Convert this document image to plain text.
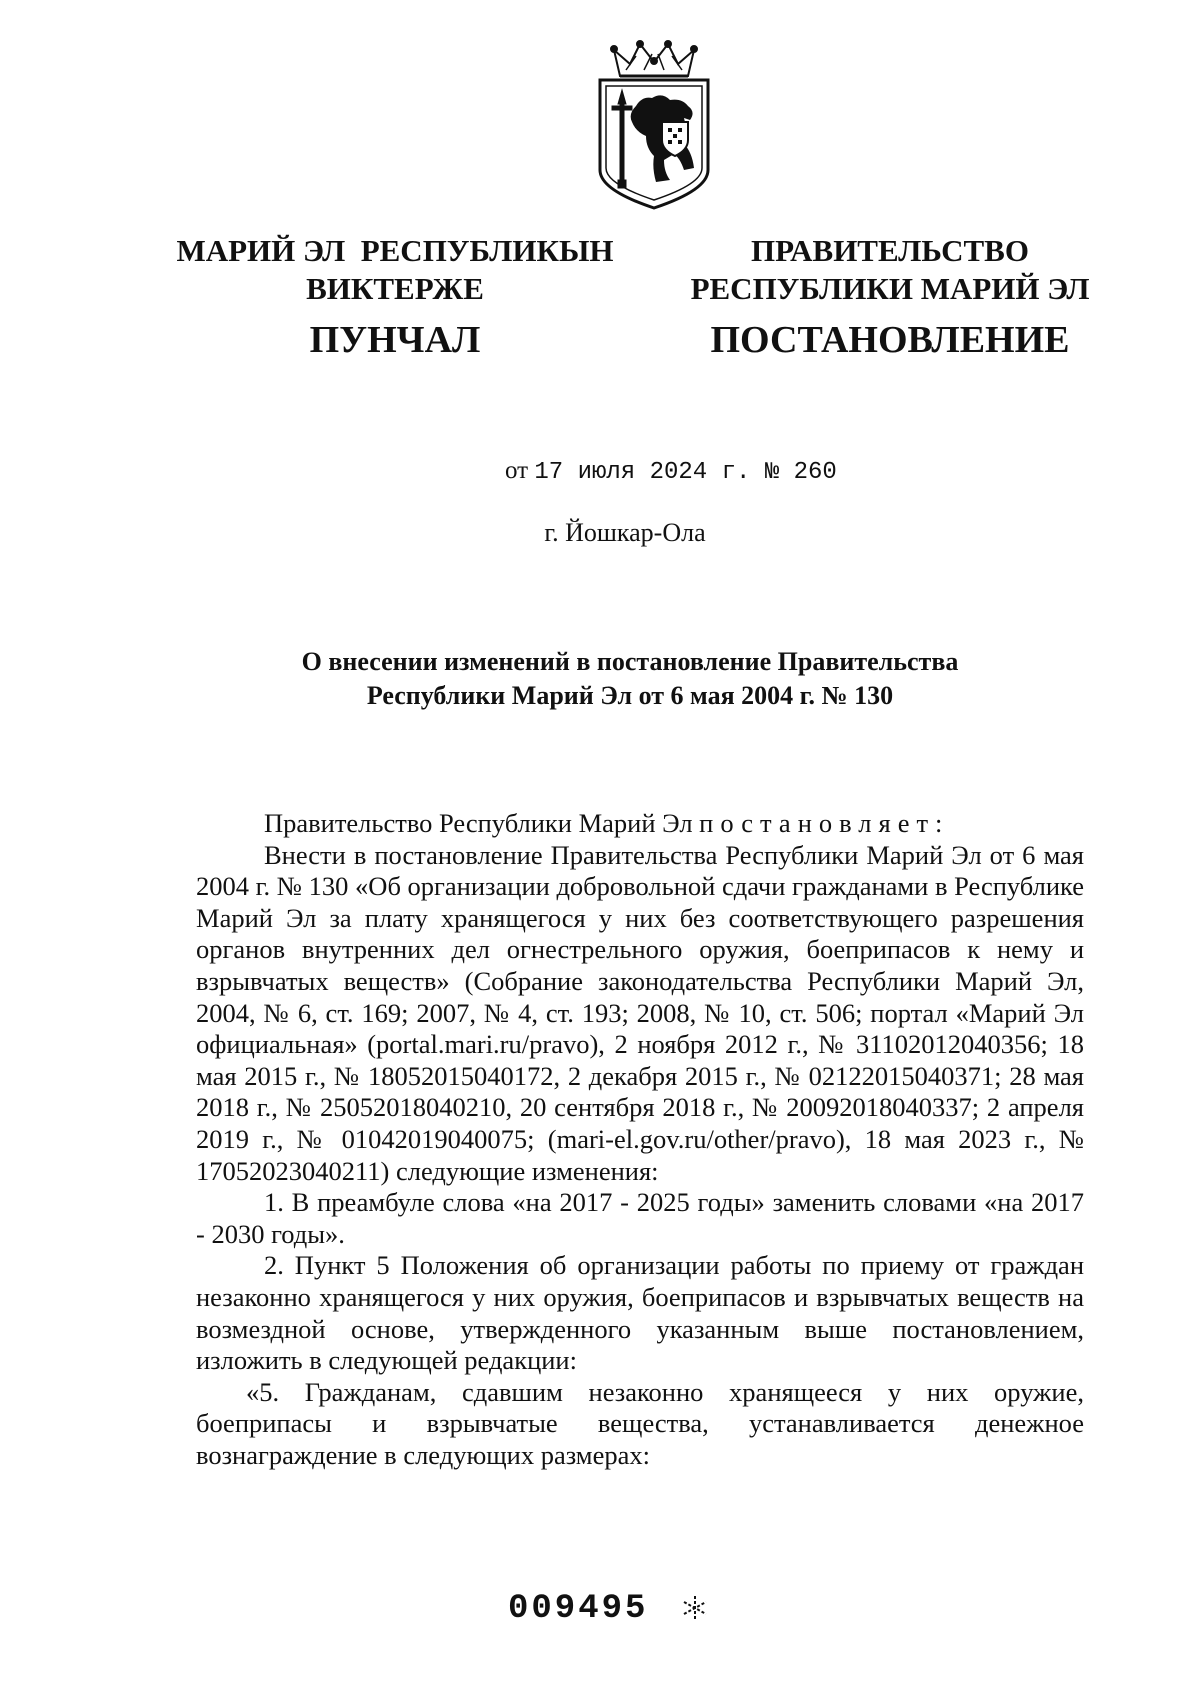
МАРИЙ ЭЛ  РЕСПУБЛИКЫН
ВИКТЕРЖЕ
ПУНЧАЛ
ПРАВИТЕЛЬСТВО
РЕСПУБЛИКИ МАРИЙ ЭЛ
ПОСТАНОВЛЕНИЕ
от 17 июля 2024 г. № 260
г. Йошкар-Ола
О внесении изменений в постановление Правительства
Республики Марий Эл от 6 мая 2004 г. № 130

Правительство Республики Марий Эл постановляет:

Внести в постановление Правительства Республики Марий Эл от 6 мая 2004 г. № 130 «Об организации добровольной сдачи гражданами в Республике Марий Эл за плату хранящегося у них без соответствующего разрешения органов внутренних дел огнестрельного оружия, боеприпасов к нему и взрывчатых веществ» (Собрание законодательства Республики Марий Эл, 2004, № 6, ст. 169; 2007, № 4, ст. 193; 2008, № 10, ст. 506; портал «Марий Эл официальная» (portal.mari.ru/pravo), 2 ноября 2012 г., № 31102012040356; 18 мая 2015 г., № 18052015040172, 2 декабря 2015 г., № 02122015040371; 28 мая 2018 г., № 25052018040210, 20 сентября 2018 г., № 20092018040337; 2 апреля 2019 г., № 01042019040075; (mari-el.gov.ru/other/pravo), 18 мая 2023 г., № 17052023040211) следующие изменения:

1. В преамбуле слова «на 2017 - 2025 годы» заменить словами «на 2017 - 2030 годы».

2. Пункт 5 Положения об организации работы по приему от граждан незаконно хранящегося у них оружия, боеприпасов и взрывчатых веществ на возмездной основе, утвержденного указанным выше постановлением, изложить в следующей редакции:

«5. Гражданам, сдавшим незаконно хранящееся у них оружие, боеприпасы и взрывчатые вещества, устанавливается денежное вознаграждение в следующих размерах:

009495
